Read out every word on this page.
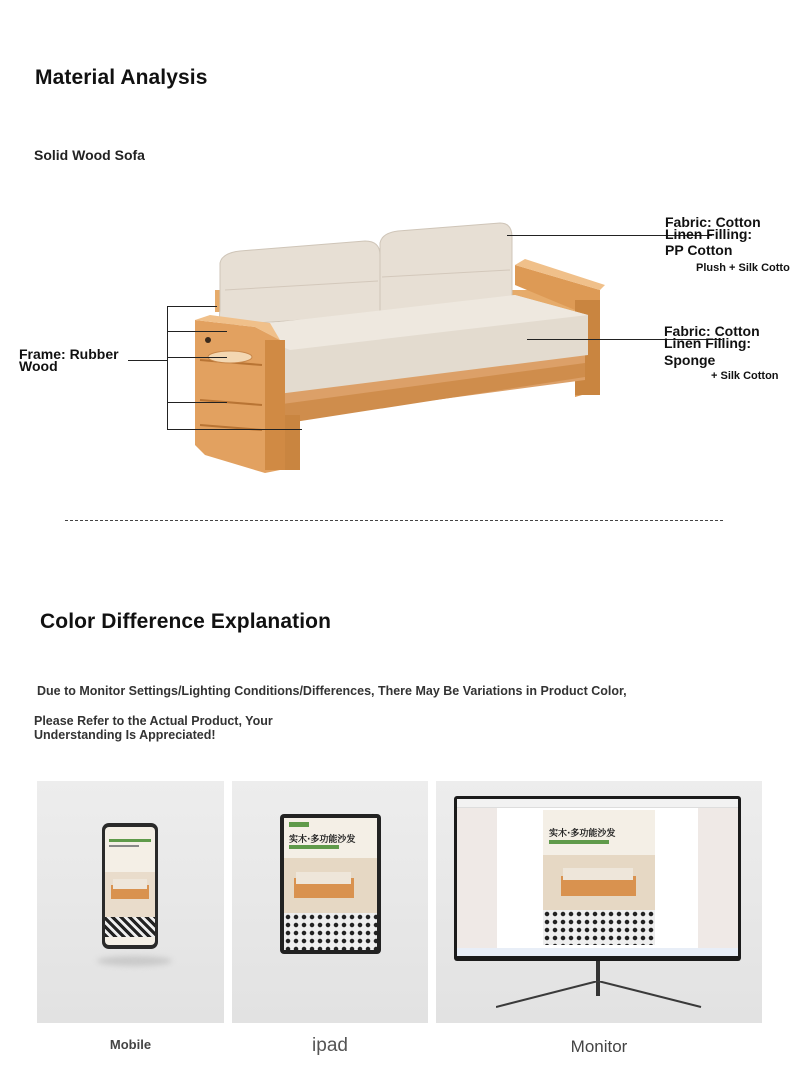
Material Analysis
Solid Wood Sofa
Frame: Rubber Wood
Fabric: Cotton
Linen Filling:
PP Cotton
Plush + Silk Cotto
Fabric: Cotton
Linen Filling:
Sponge
+ Silk Cotton
Color Difference Explanation
Due to Monitor Settings/Lighting Conditions/Differences, There May Be Variations in Product Color,
Please Refer to the Actual Product, Your Understanding Is Appreciated!
Mobile
实木·多功能沙发
ipad
实木·多功能沙发
Monitor
